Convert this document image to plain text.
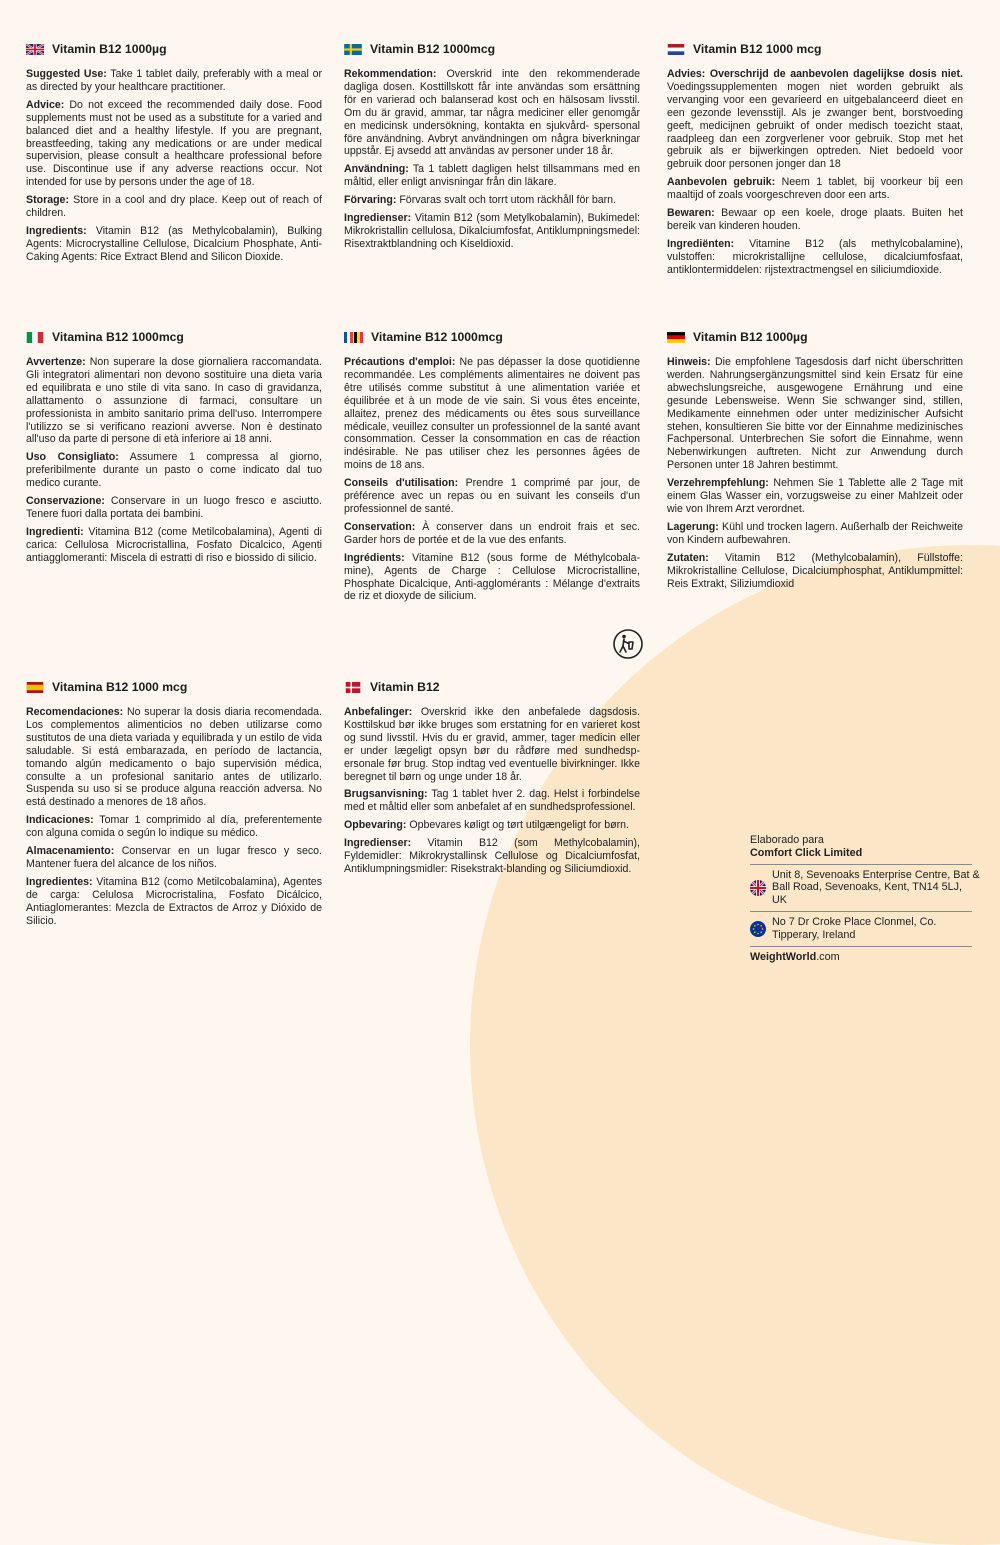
Vitamin B12 1000µg

Suggested Use: Take 1 tablet daily, preferably with a meal or as directed by your healthcare practitioner.

Advice: Do not exceed the recommended daily dose. Food supplements must not be used as a substitute for a varied and balanced diet and a healthy lifestyle. If you are pregnant, breastfeeding, taking any medications or are under medical supervision, please consult a healthcare professional before use. Discontinue use if any adverse reactions occur. Not intended for use by persons under the age of 18.

Storage: Store in a cool and dry place. Keep out of reach of children.

Ingredients: Vitamin B12 (as Methylcobalamin), Bulking Agents: Microcrystalline Cellulose, Dicalcium Phosphate, Anti-Caking Agents: Rice Extract Blend and Silicon Dioxide.

Vitamin B12 1000mcg

Rekommendation: Overskrid inte den rekommenderade dagliga dosen. Kosttillskott får inte användas som ersättning för en varierad och balanserad kost och en hälsosam livsstil. Om du är gravid, ammar, tar några mediciner eller genomgår en medicinsk undersökning, kontakta en sjukvård- spersonal före användning. Avbryt användningen om några biverkningar uppstår. Ej avsedd att användas av personer under 18 år.

Användning: Ta 1 tablett dagligen helst tillsammans med en måltid, eller enligt anvisningar från din läkare.

Förvaring: Förvaras svalt och torrt utom räckhåll för barn.

Ingredienser: Vitamin B12 (som Metylkobalamin), Bukimedel: Mikrokristallin cellulosa, Dikalciumfosfat, Antiklumpningsmedel: Risextraktblandning och Kiseldioxid.

Vitamin B12 1000 mcg

Advies: Overschrijd de aanbevolen dagelijkse dosis niet. Voedingssupplementen mogen niet worden gebruikt als vervanging voor een gevarieerd en uitgebalanceerd dieet en een gezonde levensstijl. Als je zwanger bent, borstvoeding geeft, medicijnen gebruikt of onder medisch toezicht staat, raadpleeg dan een zorgverlener voor gebruik. Stop met het gebruik als er bijwerkingen optreden. Niet bedoeld voor gebruik door personen jonger dan 18

Aanbevolen gebruik: Neem 1 tablet, bij voorkeur bij een maaltijd of zoals voorgeschreven door een arts.

Bewaren: Bewaar op een koele, droge plaats. Buiten het bereik van kinderen houden.

Ingrediënten: Vitamine B12 (als methylcobalamine), vulstoffen: microkristallijne cellulose, dicalciumfosfaat, antiklontermiddelen: rijstextractmengsel en siliciumdioxide.

Vitamina B12 1000mcg

Avvertenze: Non superare la dose giornaliera raccomandata. Gli integratori alimentari non devono sostituire una dieta varia ed equilibrata e uno stile di vita sano. In caso di gravidanza, allattamento o assunzione di farmaci, consultare un professionista in ambito sanitario prima dell'uso. Interrompere l'utilizzo se si verificano reazioni avverse. Non è destinato all'uso da parte di persone di età inferiore ai 18 anni.

Uso Consigliato: Assumere 1 compressa al giorno, preferibilmente durante un pasto o come indicato dal tuo medico curante.

Conservazione: Conservare in un luogo fresco e asciutto. Tenere fuori dalla portata dei bambini.

Ingredienti: Vitamina B12 (come Metilcobalamina), Agenti di carica: Cellulosa Microcristallina, Fosfato Dicalcico, Agenti antiagglomeranti: Miscela di estratti di riso e biossido di silicio.

Vitamine B12 1000mcg

Précautions d'emploi: Ne pas dépasser la dose quotidienne recommandée. Les compléments alimentaires ne doivent pas être utilisés comme substitut à une alimentation variée et équilibrée et à un mode de vie sain. Si vous êtes enceinte, allaitez, prenez des médicaments ou êtes sous surveillance médicale, veuillez consulter un professionnel de la santé avant consommation. Cesser la consommation en cas de réaction indésirable. Ne pas utiliser chez les personnes âgées de moins de 18 ans.

Conseils d'utilisation: Prendre 1 comprimé par jour, de préférence avec un repas ou en suivant les conseils d'un professionnel de santé.

Conservation: À conserver dans un endroit frais et sec. Garder hors de portée et de la vue des enfants.

Ingrédients: Vitamine B12 (sous forme de Méthylcobala- mine), Agents de Charge : Cellulose Microcristalline, Phosphate Dicalcique, Anti-agglomérants : Mélange d'extraits de riz et dioxyde de silicium.

Vitamin B12 1000µg

Hinweis: Die empfohlene Tagesdosis darf nicht überschritten werden. Nahrungsergänzungsmittel sind kein Ersatz für eine abwechslungsreiche, ausgewogene Ernährung und eine gesunde Lebensweise. Wenn Sie schwanger sind, stillen, Medikamente einnehmen oder unter medizinischer Aufsicht stehen, konsultieren Sie bitte vor der Einnahme medizinisches Fachpersonal. Unterbrechen Sie sofort die Einnahme, wenn Nebenwirkungen auftreten. Nicht zur Anwendung durch Personen unter 18 Jahren bestimmt.

Verzehrempfehlung: Nehmen Sie 1 Tablette alle 2 Tage mit einem Glas Wasser ein, vorzugsweise zu einer Mahlzeit oder wie von Ihrem Arzt verordnet.

Lagerung: Kühl und trocken lagern. Außerhalb der Reichweite von Kindern aufbewahren.

Zutaten: Vitamin B12 (Methylcobalamin), Füllstoffe: Mikrokristalline Cellulose, Dicalciumphosphat, Antiklumpmittel: Reis Extrakt, Siliziumdioxid

Vitamina B12 1000 mcg

Recomendaciones: No superar la dosis diaria recomendada. Los complementos alimenticios no deben utilizarse como sustitutos de una dieta variada y equilibrada y un estilo de vida saludable. Si está embarazada, en período de lactancia, tomando algún medicamento o bajo supervisión médica, consulte a un profesional sanitario antes de utilizarlo. Suspenda su uso si se produce alguna reacción adversa. No está destinado a menores de 18 años.

Indicaciones: Tomar 1 comprimido al día, preferentemente con alguna comida o según lo indique su médico.

Almacenamiento: Conservar en un lugar fresco y seco. Mantener fuera del alcance de los niños.

Ingredientes: Vitamina B12 (como Metilcobalamina), Agentes de carga: Celulosa Microcristalina, Fosfato Dicálcico, Antiaglomerantes: Mezcla de Extractos de Arroz y Dióxido de Silicio.

Vitamin B12

Anbefalinger: Overskrid ikke den anbefalede dagsdosis. Kosttilskud bør ikke bruges som erstatning for en varieret kost og sund livsstil. Hvis du er gravid, ammer, tager medicin eller er under lægeligt opsyn bør du rådføre med sundhedsp- ersonale før brug. Stop indtag ved eventuelle bivirkninger. Ikke beregnet til børn og unge under 18 år.

Brugsanvisning: Tag 1 tablet hver 2. dag. Helst i forbindelse med et måltid eller som anbefalet af en sundhedsprofessionel.

Opbevaring: Opbevares køligt og tørt utilgængeligt for børn.

Ingredienser: Vitamin B12 (som Methylcobalamin), Fyldemidler: Mikrokrystallinsk Cellulose og Dicalciumfosfat, Antiklumpningsmidler: Risekstrakt-blanding og Siliciumdioxid.

Elaborado para
Comfort Click Limited
Unit 8, Sevenoaks Enterprise Centre, Bat & Ball Road, Sevenoaks, Kent, TN14 5LJ, UK
No 7 Dr Croke Place Clonmel, Co. Tipperary, Ireland
WeightWorld.com
